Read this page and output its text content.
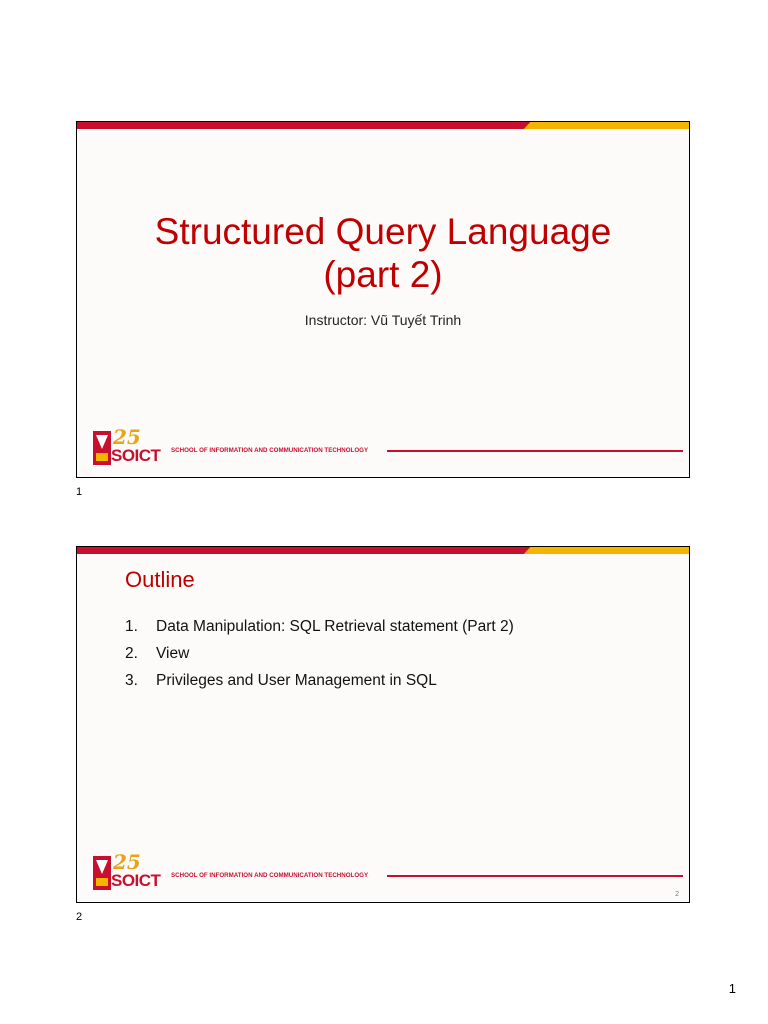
Structured Query Language
(part 2)
Instructor: Vũ Tuyết Trinh
25
SOICT SCHOOL OF INFORMATION AND COMMUNICATION TECHNOLOGY
1
Outline
1. Data Manipulation: SQL Retrieval statement (Part 2)
2. View
3. Privileges and User Management in SQL
25
SOICT SCHOOL OF INFORMATION AND COMMUNICATION TECHNOLOGY
2
2
1
